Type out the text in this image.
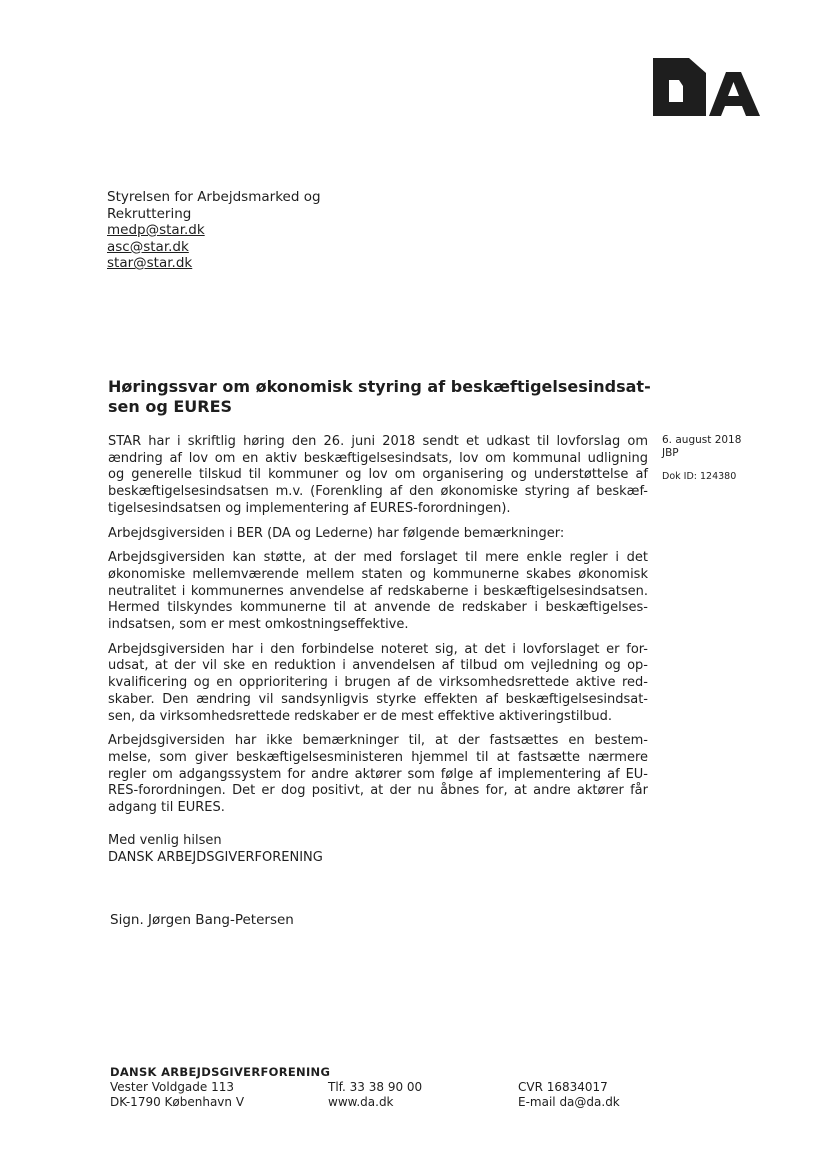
Styrelsen for Arbejdsmarked og
Rekruttering
medp@star.dk
asc@star.dk
star@star.dk
Høringssvar om økonomisk styring af beskæftigelsesindsat-
sen og EURES
6. august 2018
JBP
Dok ID: 124380

STAR har i skriftlig høring den 26. juni 2018 sendt et udkast til lovforslag om
ændring af lov om en aktiv beskæftigelsesindsats, lov om kommunal udligning
og generelle tilskud til kommuner og lov om organisering og understøttelse af
beskæftigelsesindsatsen m.v. (Forenkling af den økonomiske styring af beskæf-
tigelsesindsatsen og implementering af EURES-forordningen).

Arbejdsgiversiden i BER (DA og Lederne) har følgende bemærkninger:

Arbejdsgiversiden kan støtte, at der med forslaget til mere enkle regler i det
økonomiske mellemværende mellem staten og kommunerne skabes økonomisk
neutralitet i kommunernes anvendelse af redskaberne i beskæftigelsesindsatsen.
Hermed tilskyndes kommunerne til at anvende de redskaber i beskæftigelses-
indsatsen, som er mest omkostningseffektive.

Arbejdsgiversiden har i den forbindelse noteret sig, at det i lovforslaget er for-
udsat, at der vil ske en reduktion i anvendelsen af tilbud om vejledning og op-
kvalificering og en opprioritering i brugen af de virksomhedsrettede aktive red-
skaber. Den ændring vil sandsynligvis styrke effekten af beskæftigelsesindsat-
sen, da virksomhedsrettede redskaber er de mest effektive aktiveringstilbud.

Arbejdsgiversiden har ikke bemærkninger til, at der fastsættes en bestem-
melse, som giver beskæftigelsesministeren hjemmel til at fastsætte nærmere
regler om adgangssystem for andre aktører som følge af implementering af EU-
RES-forordningen. Det er dog positivt, at der nu åbnes for, at andre aktører får
adgang til EURES.

Med venlig hilsen
DANSK ARBEJDSGIVERFORENING
Sign. Jørgen Bang-Petersen
DANSK ARBEJDSGIVERFORENING
Vester Voldgade 113
DK-1790 København V
Tlf. 33 38 90 00
www.da.dk
CVR 16834017
E-mail da@da.dk
